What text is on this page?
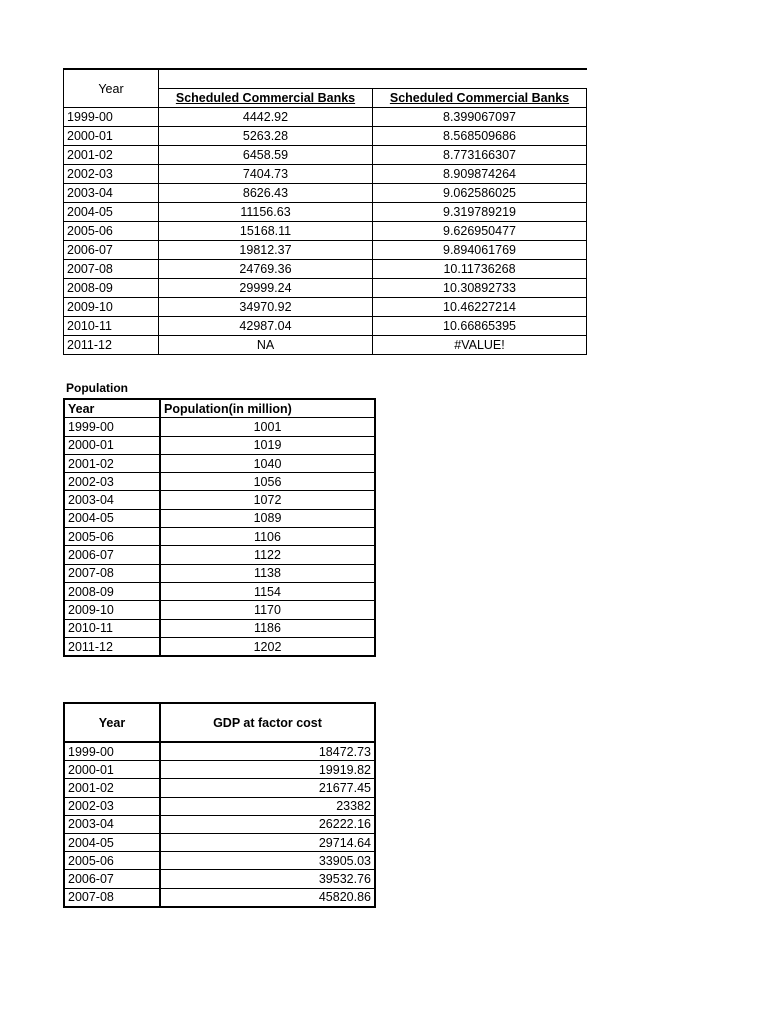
Year		
	Scheduled Commercial Banks	Scheduled Commercial Banks
1999-00	4442.92	8.399067097
2000-01	5263.28	8.568509686
2001-02	6458.59	8.773166307
2002-03	7404.73	8.909874264
2003-04	8626.43	9.062586025
2004-05	11156.63	9.319789219
2005-06	15168.11	9.626950477
2006-07	19812.37	9.894061769
2007-08	24769.36	10.11736268
2008-09	29999.24	10.30892733
2009-10	34970.92	10.46227214
2010-11	42987.04	10.66865395
2011-12	NA	#VALUE!
Population
Year	Population(in million)
1999-00	1001
2000-01	1019
2001-02	1040
2002-03	1056
2003-04	1072
2004-05	1089
2005-06	1106
2006-07	1122
2007-08	1138
2008-09	1154
2009-10	1170
2010-11	1186
2011-12	1202
Year	GDP at factor cost
1999-00	18472.73
2000-01	19919.82
2001-02	21677.45
2002-03	23382
2003-04	26222.16
2004-05	29714.64
2005-06	33905.03
2006-07	39532.76
2007-08	45820.86
